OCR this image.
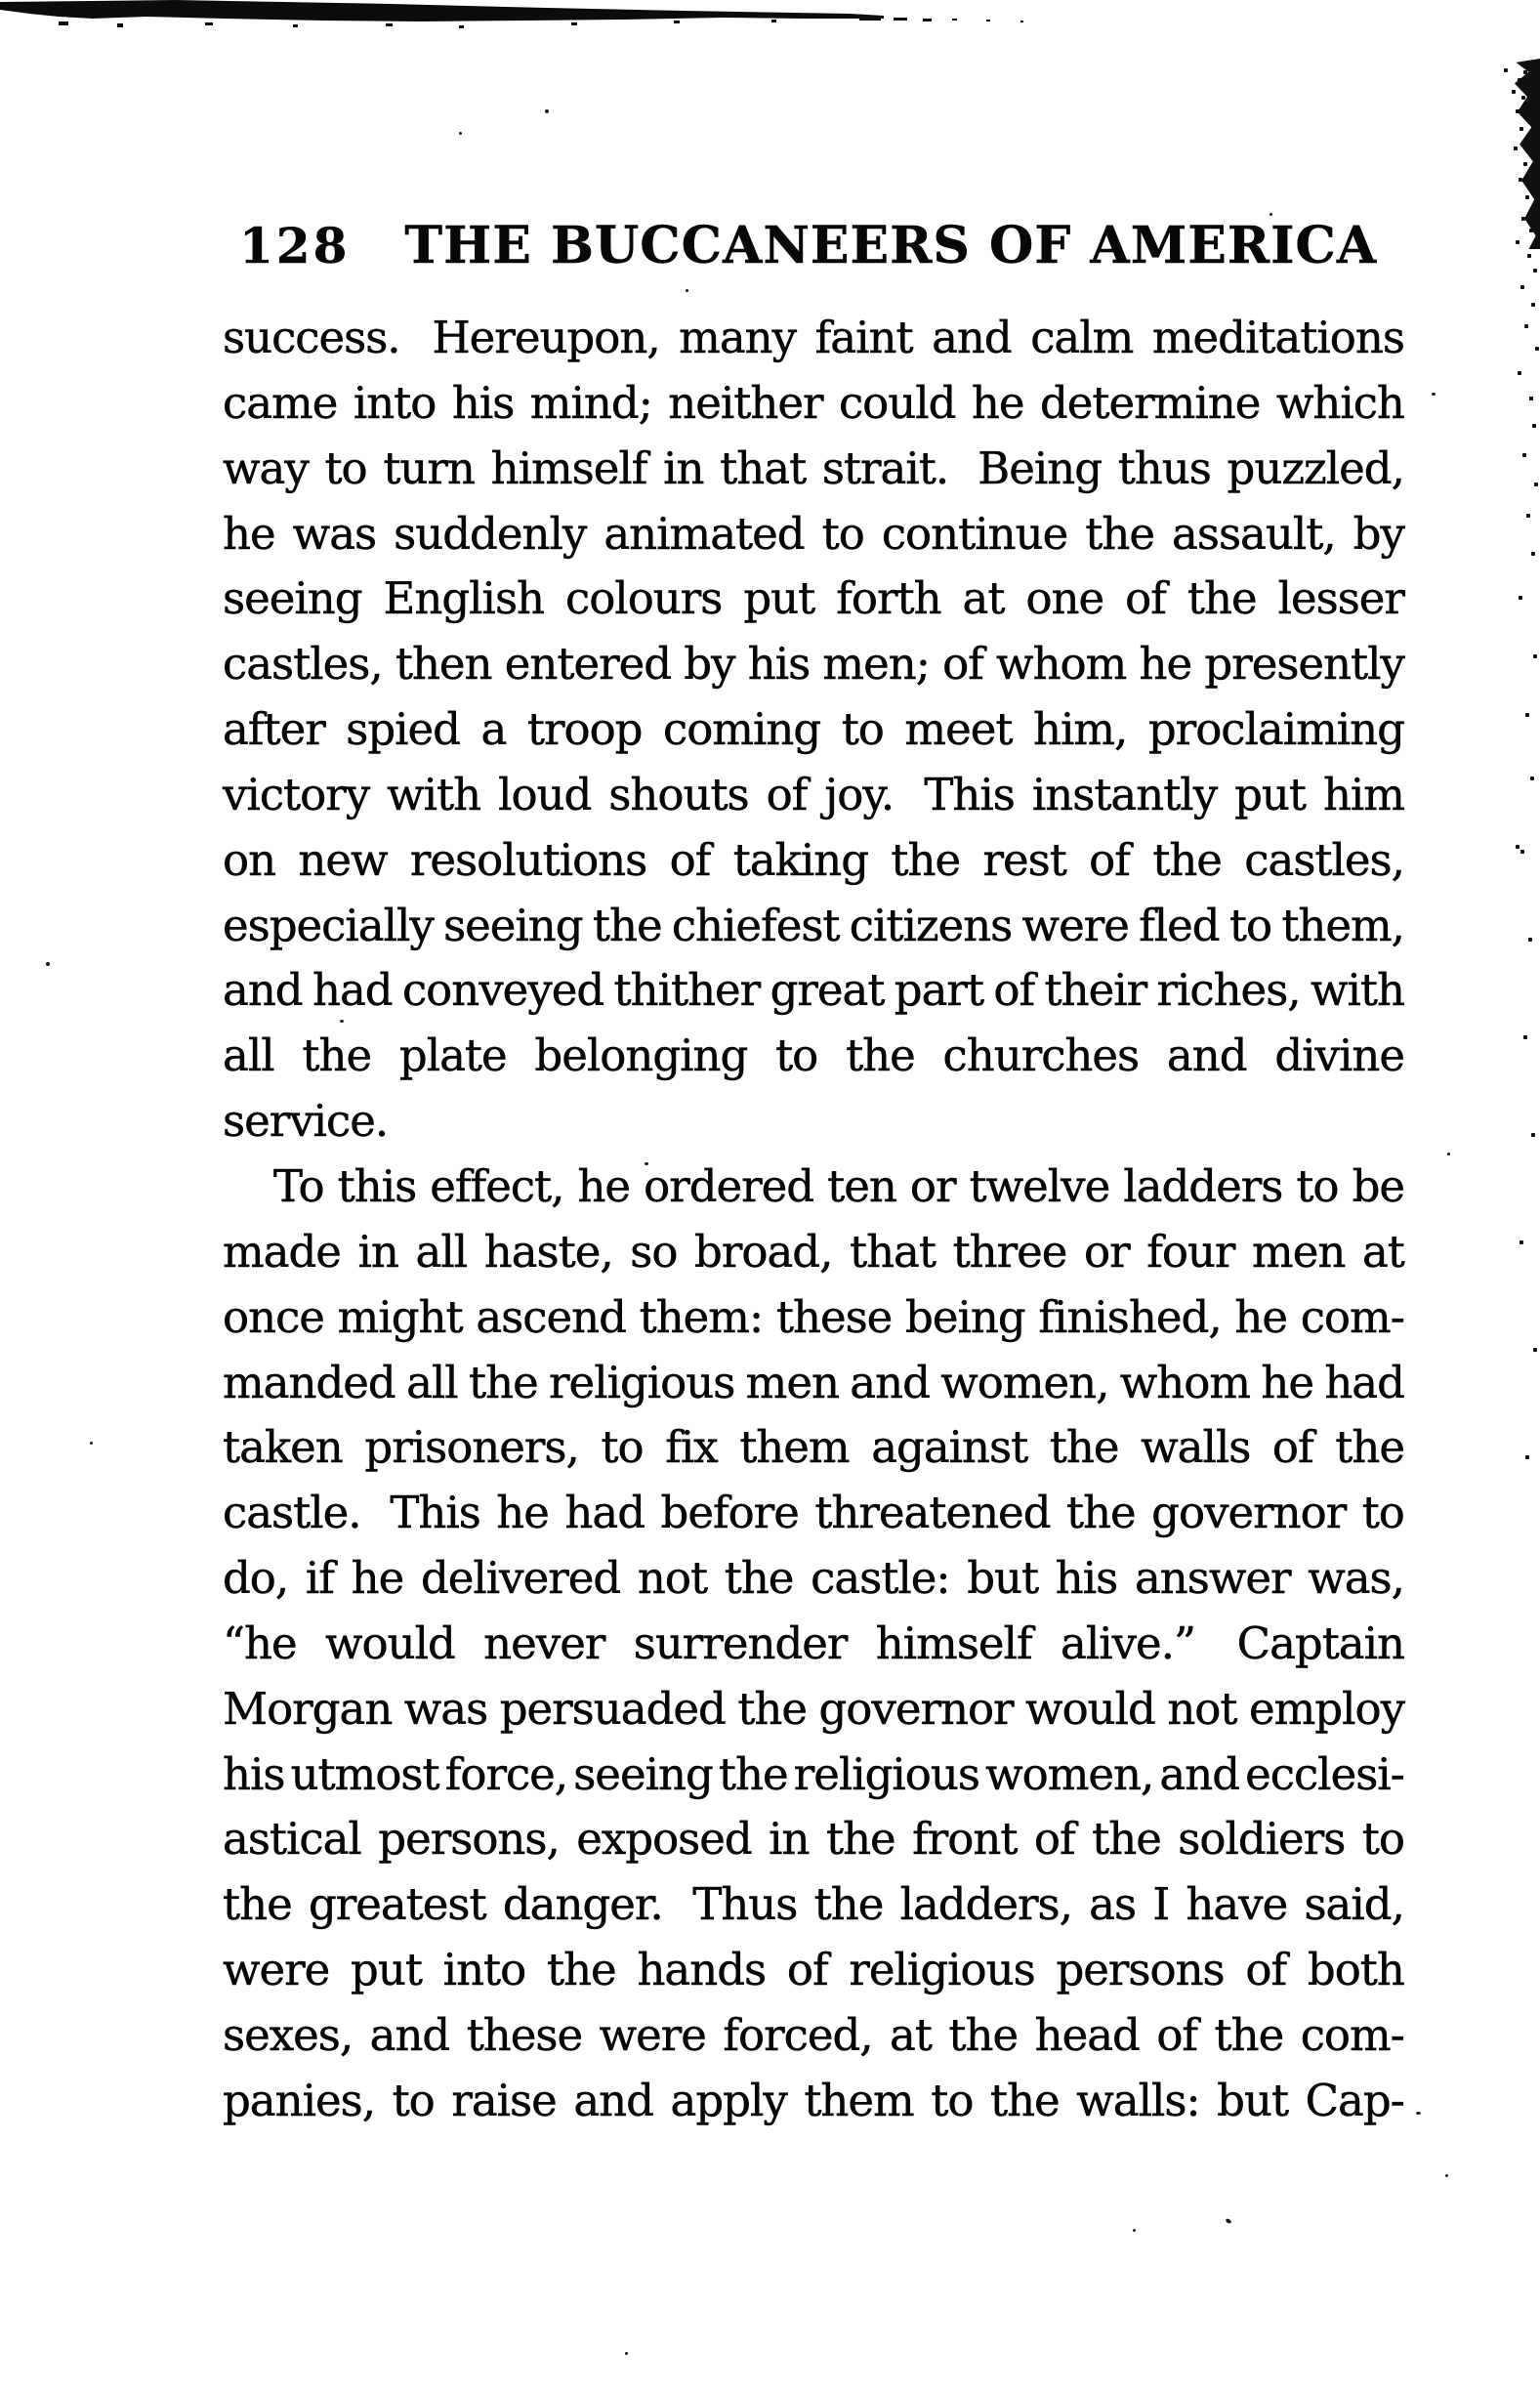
128 THE BUCCANEERS OF AMERICA
success. Hereupon, many faint and calm meditations
came into his mind; neither could he determine which
way to turn himself in that strait. Being thus puzzled,
he was suddenly animated to continue the assault, by
seeing English colours put forth at one of the lesser
castles, then entered by his men; of whom he presently
after spied a troop coming to meet him, proclaiming
victory with loud shouts of joy. This instantly put him
on new resolutions of taking the rest of the castles,
especially seeing the chiefest citizens were fled to them,
and had conveyed thither great part of their riches, with
all the plate belonging to the churches and divine
service.
To this effect, he ordered ten or twelve ladders to be
made in all haste, so broad, that three or four men at
once might ascend them: these being finished, he com-
manded all the religious men and women, whom he had
taken prisoners, to fix them against the walls of the
castle. This he had before threatened the governor to
do, if he delivered not the castle: but his answer was,
“he would never surrender himself alive.” Captain
Morgan was persuaded the governor would not employ
his utmost force, seeing the religious women, and ecclesi-
astical persons, exposed in the front of the soldiers to
the greatest danger. Thus the ladders, as I have said,
were put into the hands of religious persons of both
sexes, and these were forced, at the head of the com-
panies, to raise and apply them to the walls: but Cap-
